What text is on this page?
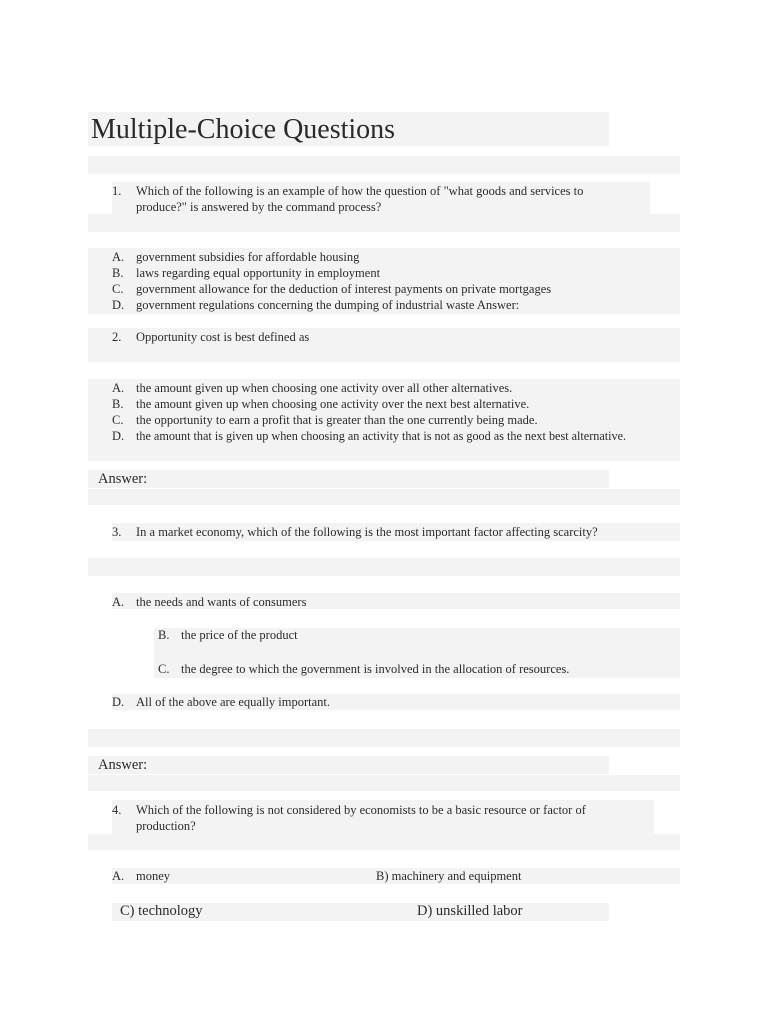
Multiple-Choice Questions
1. Which of the following is an example of how the question of "what goods and services to
produce?" is answered by the command process?
A. government subsidies for affordable housing
B. laws regarding equal opportunity in employment
C. government allowance for the deduction of interest payments on private mortgages
D. government regulations concerning the dumping of industrial waste Answer:
2. Opportunity cost is best defined as
A. the amount given up when choosing one activity over all other alternatives.
B. the amount given up when choosing one activity over the next best alternative.
C. the opportunity to earn a profit that is greater than the one currently being made.
D. the amount that is given up when choosing an activity that is not as good as the next best alternative.
Answer:
3. In a market economy, which of the following is the most important factor affecting scarcity?
A. the needs and wants of consumers
B. the price of the product
C. the degree to which the government is involved in the allocation of resources.
D. All of the above are equally important.
Answer:
4. Which of the following is not considered by economists to be a basic resource or factor of
production?
A. money	B) machinery and equipment
C) technology	D) unskilled labor
